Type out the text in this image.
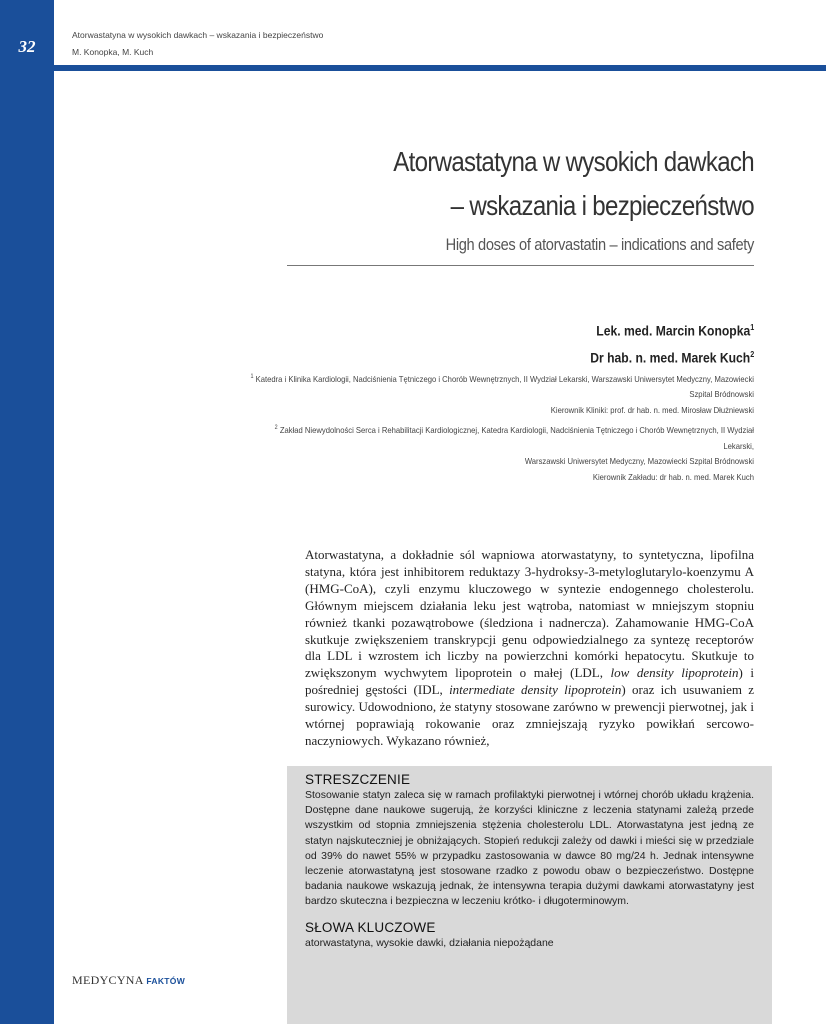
32
Atorwastatyna w wysokich dawkach – wskazania i bezpieczeństwo
M. Konopka, M. Kuch
Atorwastatyna w wysokich dawkach
– wskazania i bezpieczeństwo
High doses of atorvastatin – indications and safety
Lek. med. Marcin Konopka$^1$
Dr hab. n. med. Marek Kuch$^2$
$^1$ Katedra i Klinika Kardiologii, Nadciśnienia Tętniczego i Chorób Wewnętrznych, II Wydział Lekarski, Warszawski Uniwersytet Medyczny, Mazowiecki Szpital Bródnowski
Kierownik Kliniki: prof. dr hab. n. med. Mirosław Dłużniewski
$^2$ Zakład Niewydolności Serca i Rehabilitacji Kardiologicznej, Katedra Kardiologii, Nadciśnienia Tętniczego i Chorób Wewnętrznych, II Wydział Lekarski,
Warszawski Uniwersytet Medyczny, Mazowiecki Szpital Bródnowski
Kierownik Zakładu: dr hab. n. med. Marek Kuch
Atorwastatyna, a dokładnie sól wapniowa atorwastatyny, to syntetyczna, lipofilna statyna, która jest inhibitorem reduktazy 3-hydroksy-3-metyloglutarylo-koenzymu A (HMG-CoA), czyli enzymu kluczowego w syntezie endogennego cholesterolu. Głównym miejscem działania leku jest wątroba, natomiast w mniejszym stopniu również tkanki pozawątrobowe (śledziona i nadnercza). Zahamowanie HMG-CoA skutkuje zwiększeniem transkrypcji genu odpowiedzialnego za syntezę receptorów dla LDL i wzrostem ich liczby na powierzchni komórki hepatocytu. Skutkuje to zwiększonym wychwytem lipoprotein o małej (LDL, low density lipoprotein) i pośredniej gęstości (IDL, intermediate density lipoprotein) oraz ich usuwaniem z surowicy. Udowodniono, że statyny stosowane zarówno w prewencji pierwotnej, jak i wtórnej poprawiają rokowanie oraz zmniejszają ryzyko powikłań sercowo-naczyniowych. Wykazano również,
STRESZCZENIE
Stosowanie statyn zaleca się w ramach profilaktyki pierwotnej i wtórnej chorób układu krążenia. Dostępne dane naukowe sugerują, że korzyści kliniczne z leczenia statynami zależą przede wszystkim od stopnia zmniejszenia stężenia cholesterolu LDL. Atorwastatyna jest jedną ze statyn najskuteczniej je obniżających. Stopień redukcji zależy od dawki i mieści się w przedziale od 39% do nawet 55% w przypadku zastosowania w dawce 80 mg/24 h. Jednak intensywne leczenie atorwastatyną jest stosowane rzadko z powodu obaw o bezpieczeństwo. Dostępne badania naukowe wskazują jednak, że intensywna terapia dużymi dawkami atorwastatyny jest bardzo skuteczna i bezpieczna w leczeniu krótko- i długoterminowym.
SŁOWA KLUCZOWE
atorwastatyna, wysokie dawki, działania niepożądane
MEDYCYNA FAKTÓW
